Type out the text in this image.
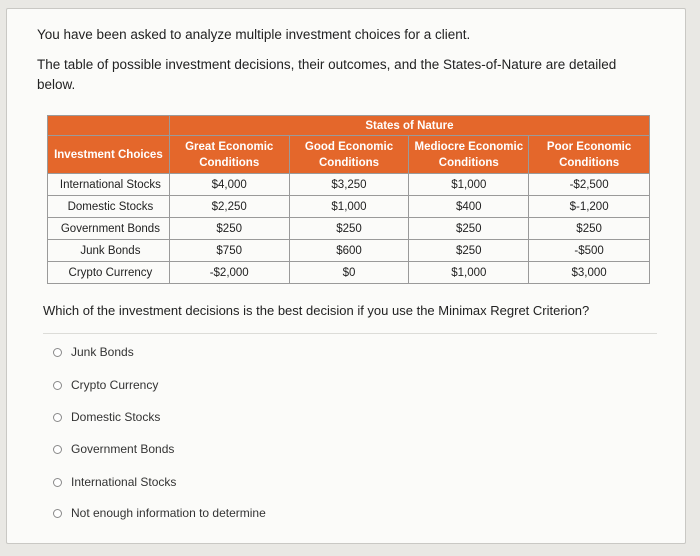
You have been asked to analyze multiple investment choices for a client.
The table of possible investment decisions, their outcomes, and the States-of-Nature are detailed below.
	States of Nature			
Investment Choices	Great Economic Conditions	Good Economic Conditions	Mediocre Economic Conditions	Poor Economic Conditions
International Stocks	$4,000	$3,250	$1,000	-$2,500
Domestic Stocks	$2,250	$1,000	$400	$-1,200
Government Bonds	$250	$250	$250	$250
Junk Bonds	$750	$600	$250	-$500
Crypto Currency	-$2,000	$0	$1,000	$3,000
Which of the investment decisions is the best decision if you use the Minimax Regret Criterion?
Junk Bonds
Crypto Currency
Domestic Stocks
Government Bonds
International Stocks
Not enough information to determine
